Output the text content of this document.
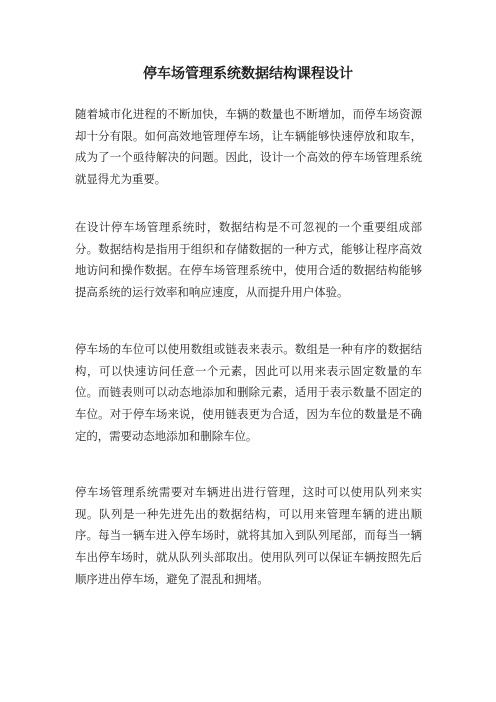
停车场管理系统数据结构课程设计

随着城市化进程的不断加快，车辆的数量也不断增加，而停车场资源却十分有限。如何高效地管理停车场，让车辆能够快速停放和取车，成为了一个亟待解决的问题。因此，设计一个高效的停车场管理系统就显得尤为重要。

在设计停车场管理系统时，数据结构是不可忽视的一个重要组成部分。数据结构是指用于组织和存储数据的一种方式，能够让程序高效地访问和操作数据。在停车场管理系统中，使用合适的数据结构能够提高系统的运行效率和响应速度，从而提升用户体验。

停车场的车位可以使用数组或链表来表示。数组是一种有序的数据结构，可以快速访问任意一个元素，因此可以用来表示固定数量的车位。而链表则可以动态地添加和删除元素，适用于表示数量不固定的车位。对于停车场来说，使用链表更为合适，因为车位的数量是不确定的，需要动态地添加和删除车位。

停车场管理系统需要对车辆进出进行管理，这时可以使用队列来实现。队列是一种先进先出的数据结构，可以用来管理车辆的进出顺序。每当一辆车进入停车场时，就将其加入到队列尾部，而每当一辆车出停车场时，就从队列头部取出。使用队列可以保证车辆按照先后顺序进出停车场，避免了混乱和拥堵。
